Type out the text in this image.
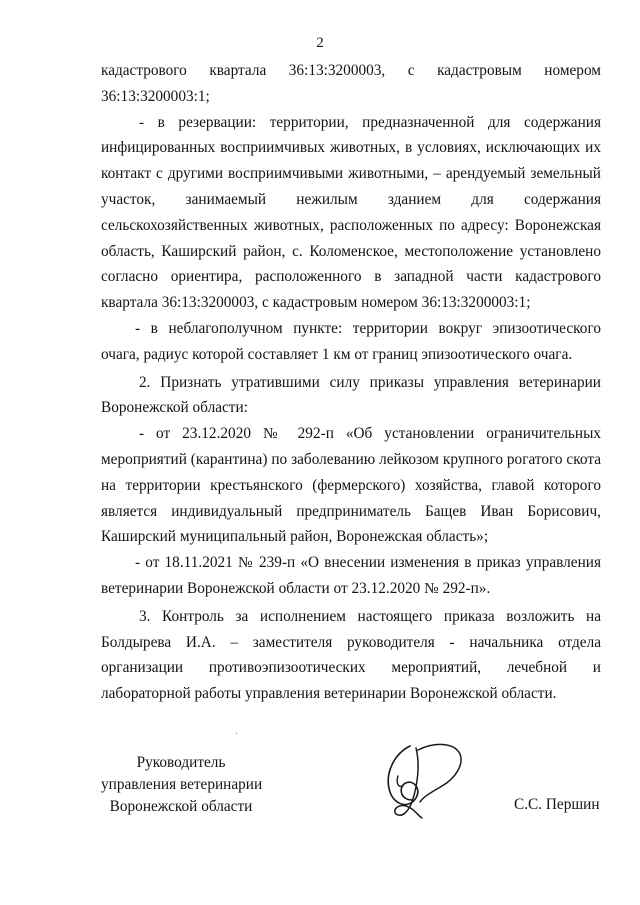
2

кадастрового квартала 36:13:3200003, с кадастровым номером 36:13:3200003:1;

- в резервации: территории, предназначенной для содержания инфицированных восприимчивых животных, в условиях, исключающих их контакт с другими восприимчивыми животными, – арендуемый земельный участок, занимаемый нежилым зданием для содержания сельскохозяйственных животных, расположенных по адресу: Воронежская область, Каширский район, с. Коломенское, местоположение установлено согласно ориентира, расположенного в западной части кадастрового квартала 36:13:3200003, с кадастровым номером 36:13:3200003:1;

- в неблагополучном пункте: территории вокруг эпизоотического очага, радиус которой составляет 1 км от границ эпизоотического очага.

2. Признать утратившими силу приказы управления ветеринарии Воронежской области:

- от 23.12.2020 № 292-п «Об установлении ограничительных мероприятий (карантина) по заболеванию лейкозом крупного рогатого скота на территории крестьянского (фермерского) хозяйства, главой которого является индивидуальный предприниматель Бащев Иван Борисович, Каширский муниципальный район, Воронежская область»;

- от 18.11.2021 № 239-п «О внесении изменения в приказ управления ветеринарии Воронежской области от 23.12.2020 № 292-п».

3. Контроль за исполнением настоящего приказа возложить на Болдырева И.А. – заместителя руководителя - начальника отдела организации противоэпизоотических мероприятий, лечебной и лабораторной работы управления ветеринарии Воронежской области.

Руководитель
управления ветеринарии
Воронежской области	С.С. Першин
